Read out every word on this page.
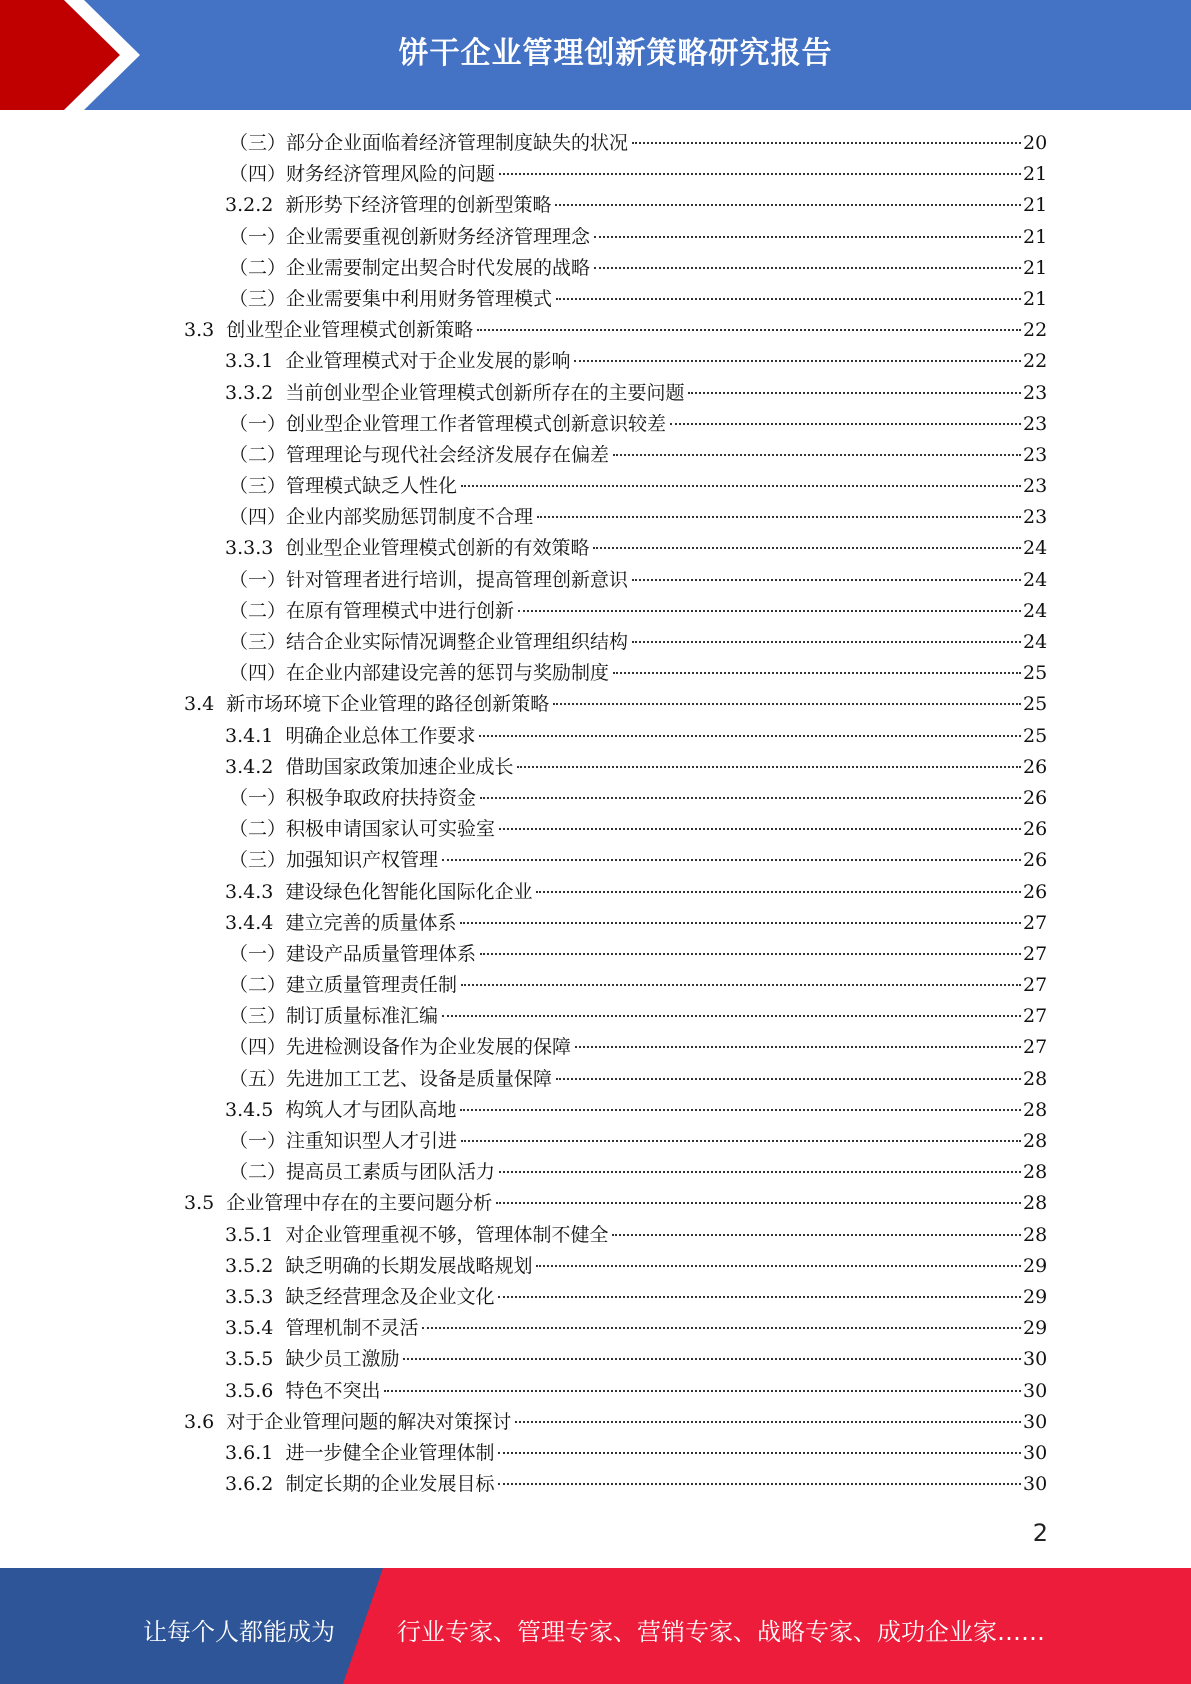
饼干企业管理创新策略研究报告
（三） 部分企业面临着经济管理制度缺失的状况	20
（四） 财务经济管理风险的问题	21
3.2.2 新形势下经济管理的创新型策略	21
（一） 企业需要重视创新财务经济管理理念	21
（二） 企业需要制定出契合时代发展的战略	21
（三） 企业需要集中利用财务管理模式	21
3.3 创业型企业管理模式创新策略	22
3.3.1 企业管理模式对于企业发展的影响	22
3.3.2 当前创业型企业管理模式创新所存在的主要问题	23
（一） 创业型企业管理工作者管理模式创新意识较差	23
（二） 管理理论与现代社会经济发展存在偏差	23
（三） 管理模式缺乏人性化	23
（四） 企业内部奖励惩罚制度不合理	23
3.3.3 创业型企业管理模式创新的有效策略	24
（一） 针对管理者进行培训，提高管理创新意识	24
（二） 在原有管理模式中进行创新	24
（三） 结合企业实际情况调整企业管理组织结构	24
（四） 在企业内部建设完善的惩罚与奖励制度	25
3.4 新市场环境下企业管理的路径创新策略	25
3.4.1 明确企业总体工作要求	25
3.4.2 借助国家政策加速企业成长	26
（一） 积极争取政府扶持资金	26
（二） 积极申请国家认可实验室	26
（三） 加强知识产权管理	26
3.4.3 建设绿色化智能化国际化企业	26
3.4.4 建立完善的质量体系	27
（一） 建设产品质量管理体系	27
（二） 建立质量管理责任制	27
（三） 制订质量标准汇编	27
（四） 先进检测设备作为企业发展的保障	27
（五） 先进加工工艺、设备是质量保障	28
3.4.5 构筑人才与团队高地	28
（一） 注重知识型人才引进	28
（二） 提高员工素质与团队活力	28
3.5 企业管理中存在的主要问题分析	28
3.5.1 对企业管理重视不够，管理体制不健全	28
3.5.2 缺乏明确的长期发展战略规划	29
3.5.3 缺乏经营理念及企业文化	29
3.5.4 管理机制不灵活	29
3.5.5 缺少员工激励	30
3.5.6 特色不突出	30
3.6 对于企业管理问题的解决对策探讨	30
3.6.1 进一步健全企业管理体制	30
3.6.2 制定长期的企业发展目标	30
2
让每个人都能成为	行业专家、管理专家、营销专家、战略专家、成功企业家……
